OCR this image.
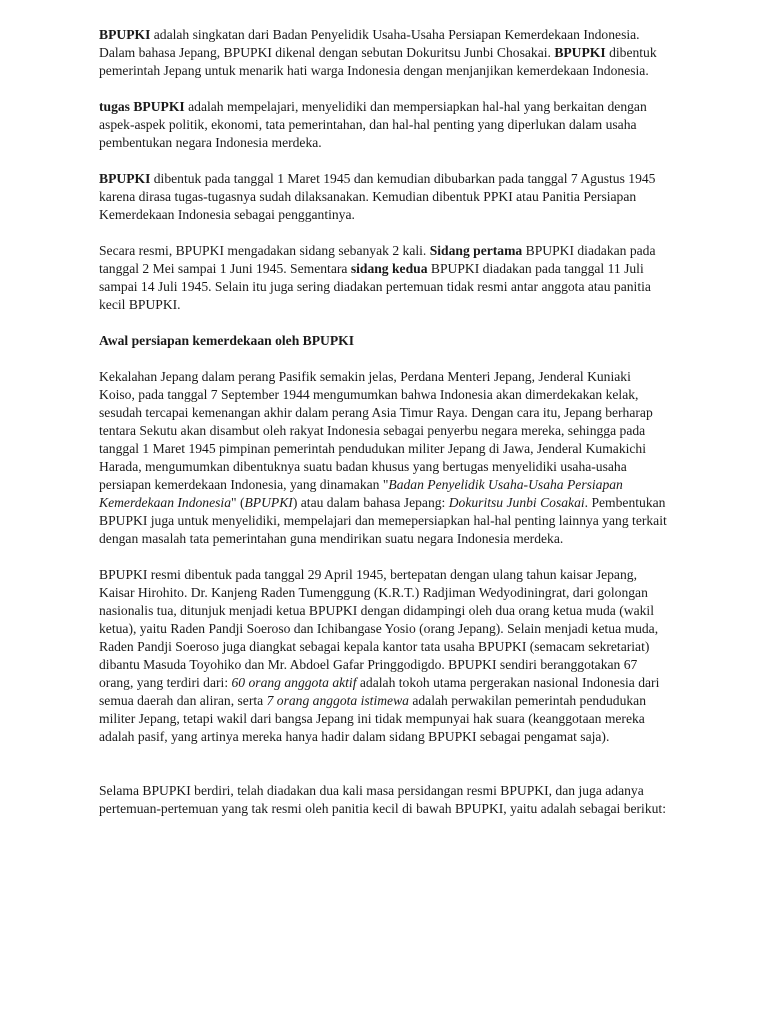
BPUPKI adalah singkatan dari Badan Penyelidik Usaha-Usaha Persiapan Kemerdekaan Indonesia. Dalam bahasa Jepang, BPUPKI dikenal dengan sebutan Dokuritsu Junbi Chosakai. BPUPKI dibentuk pemerintah Jepang untuk menarik hati warga Indonesia dengan menjanjikan kemerdekaan Indonesia.

tugas BPUPKI adalah mempelajari, menyelidiki dan mempersiapkan hal-hal yang berkaitan dengan aspek-aspek politik, ekonomi, tata pemerintahan, dan hal-hal penting yang diperlukan dalam usaha pembentukan negara Indonesia merdeka.

BPUPKI dibentuk pada tanggal 1 Maret 1945 dan kemudian dibubarkan pada tanggal 7 Agustus 1945 karena dirasa tugas-tugasnya sudah dilaksanakan. Kemudian dibentuk PPKI atau Panitia Persiapan Kemerdekaan Indonesia sebagai penggantinya.

Secara resmi, BPUPKI mengadakan sidang sebanyak 2 kali. Sidang pertama BPUPKI diadakan pada tanggal 2 Mei sampai 1 Juni 1945. Sementara sidang kedua BPUPKI diadakan pada tanggal 11 Juli sampai 14 Juli 1945. Selain itu juga sering diadakan pertemuan tidak resmi antar anggota atau panitia kecil BPUPKI.

Awal persiapan kemerdekaan oleh BPUPKI

Kekalahan Jepang dalam perang Pasifik semakin jelas, Perdana Menteri Jepang, Jenderal Kuniaki Koiso, pada tanggal 7 September 1944 mengumumkan bahwa Indonesia akan dimerdekakan kelak, sesudah tercapai kemenangan akhir dalam perang Asia Timur Raya. Dengan cara itu, Jepang berharap tentara Sekutu akan disambut oleh rakyat Indonesia sebagai penyerbu negara mereka, sehingga pada tanggal 1 Maret 1945 pimpinan pemerintah pendudukan militer Jepang di Jawa, Jenderal Kumakichi Harada, mengumumkan dibentuknya suatu badan khusus yang bertugas menyelidiki usaha-usaha persiapan kemerdekaan Indonesia, yang dinamakan "Badan Penyelidik Usaha-Usaha Persiapan Kemerdekaan Indonesia" (BPUPKI) atau dalam bahasa Jepang: Dokuritsu Junbi Cosakai. Pembentukan BPUPKI juga untuk menyelidiki, mempelajari dan memepersiapkan hal-hal penting lainnya yang terkait dengan masalah tata pemerintahan guna mendirikan suatu negara Indonesia merdeka.

BPUPKI resmi dibentuk pada tanggal 29 April 1945, bertepatan dengan ulang tahun kaisar Jepang, Kaisar Hirohito. Dr. Kanjeng Raden Tumenggung (K.R.T.) Radjiman Wedyodiningrat, dari golongan nasionalis tua, ditunjuk menjadi ketua BPUPKI dengan didampingi oleh dua orang ketua muda (wakil ketua), yaitu Raden Pandji Soeroso dan Ichibangase Yosio (orang Jepang). Selain menjadi ketua muda, Raden Pandji Soeroso juga diangkat sebagai kepala kantor tata usaha BPUPKI (semacam sekretariat) dibantu Masuda Toyohiko dan Mr. Abdoel Gafar Pringgodigdo. BPUPKI sendiri beranggotakan 67 orang, yang terdiri dari: 60 orang anggota aktif adalah tokoh utama pergerakan nasional Indonesia dari semua daerah dan aliran, serta 7 orang anggota istimewa adalah perwakilan pemerintah pendudukan militer Jepang, tetapi wakil dari bangsa Jepang ini tidak mempunyai hak suara (keanggotaan mereka adalah pasif, yang artinya mereka hanya hadir dalam sidang BPUPKI sebagai pengamat saja).

Selama BPUPKI berdiri, telah diadakan dua kali masa persidangan resmi BPUPKI, dan juga adanya pertemuan-pertemuan yang tak resmi oleh panitia kecil di bawah BPUPKI, yaitu adalah sebagai berikut:
